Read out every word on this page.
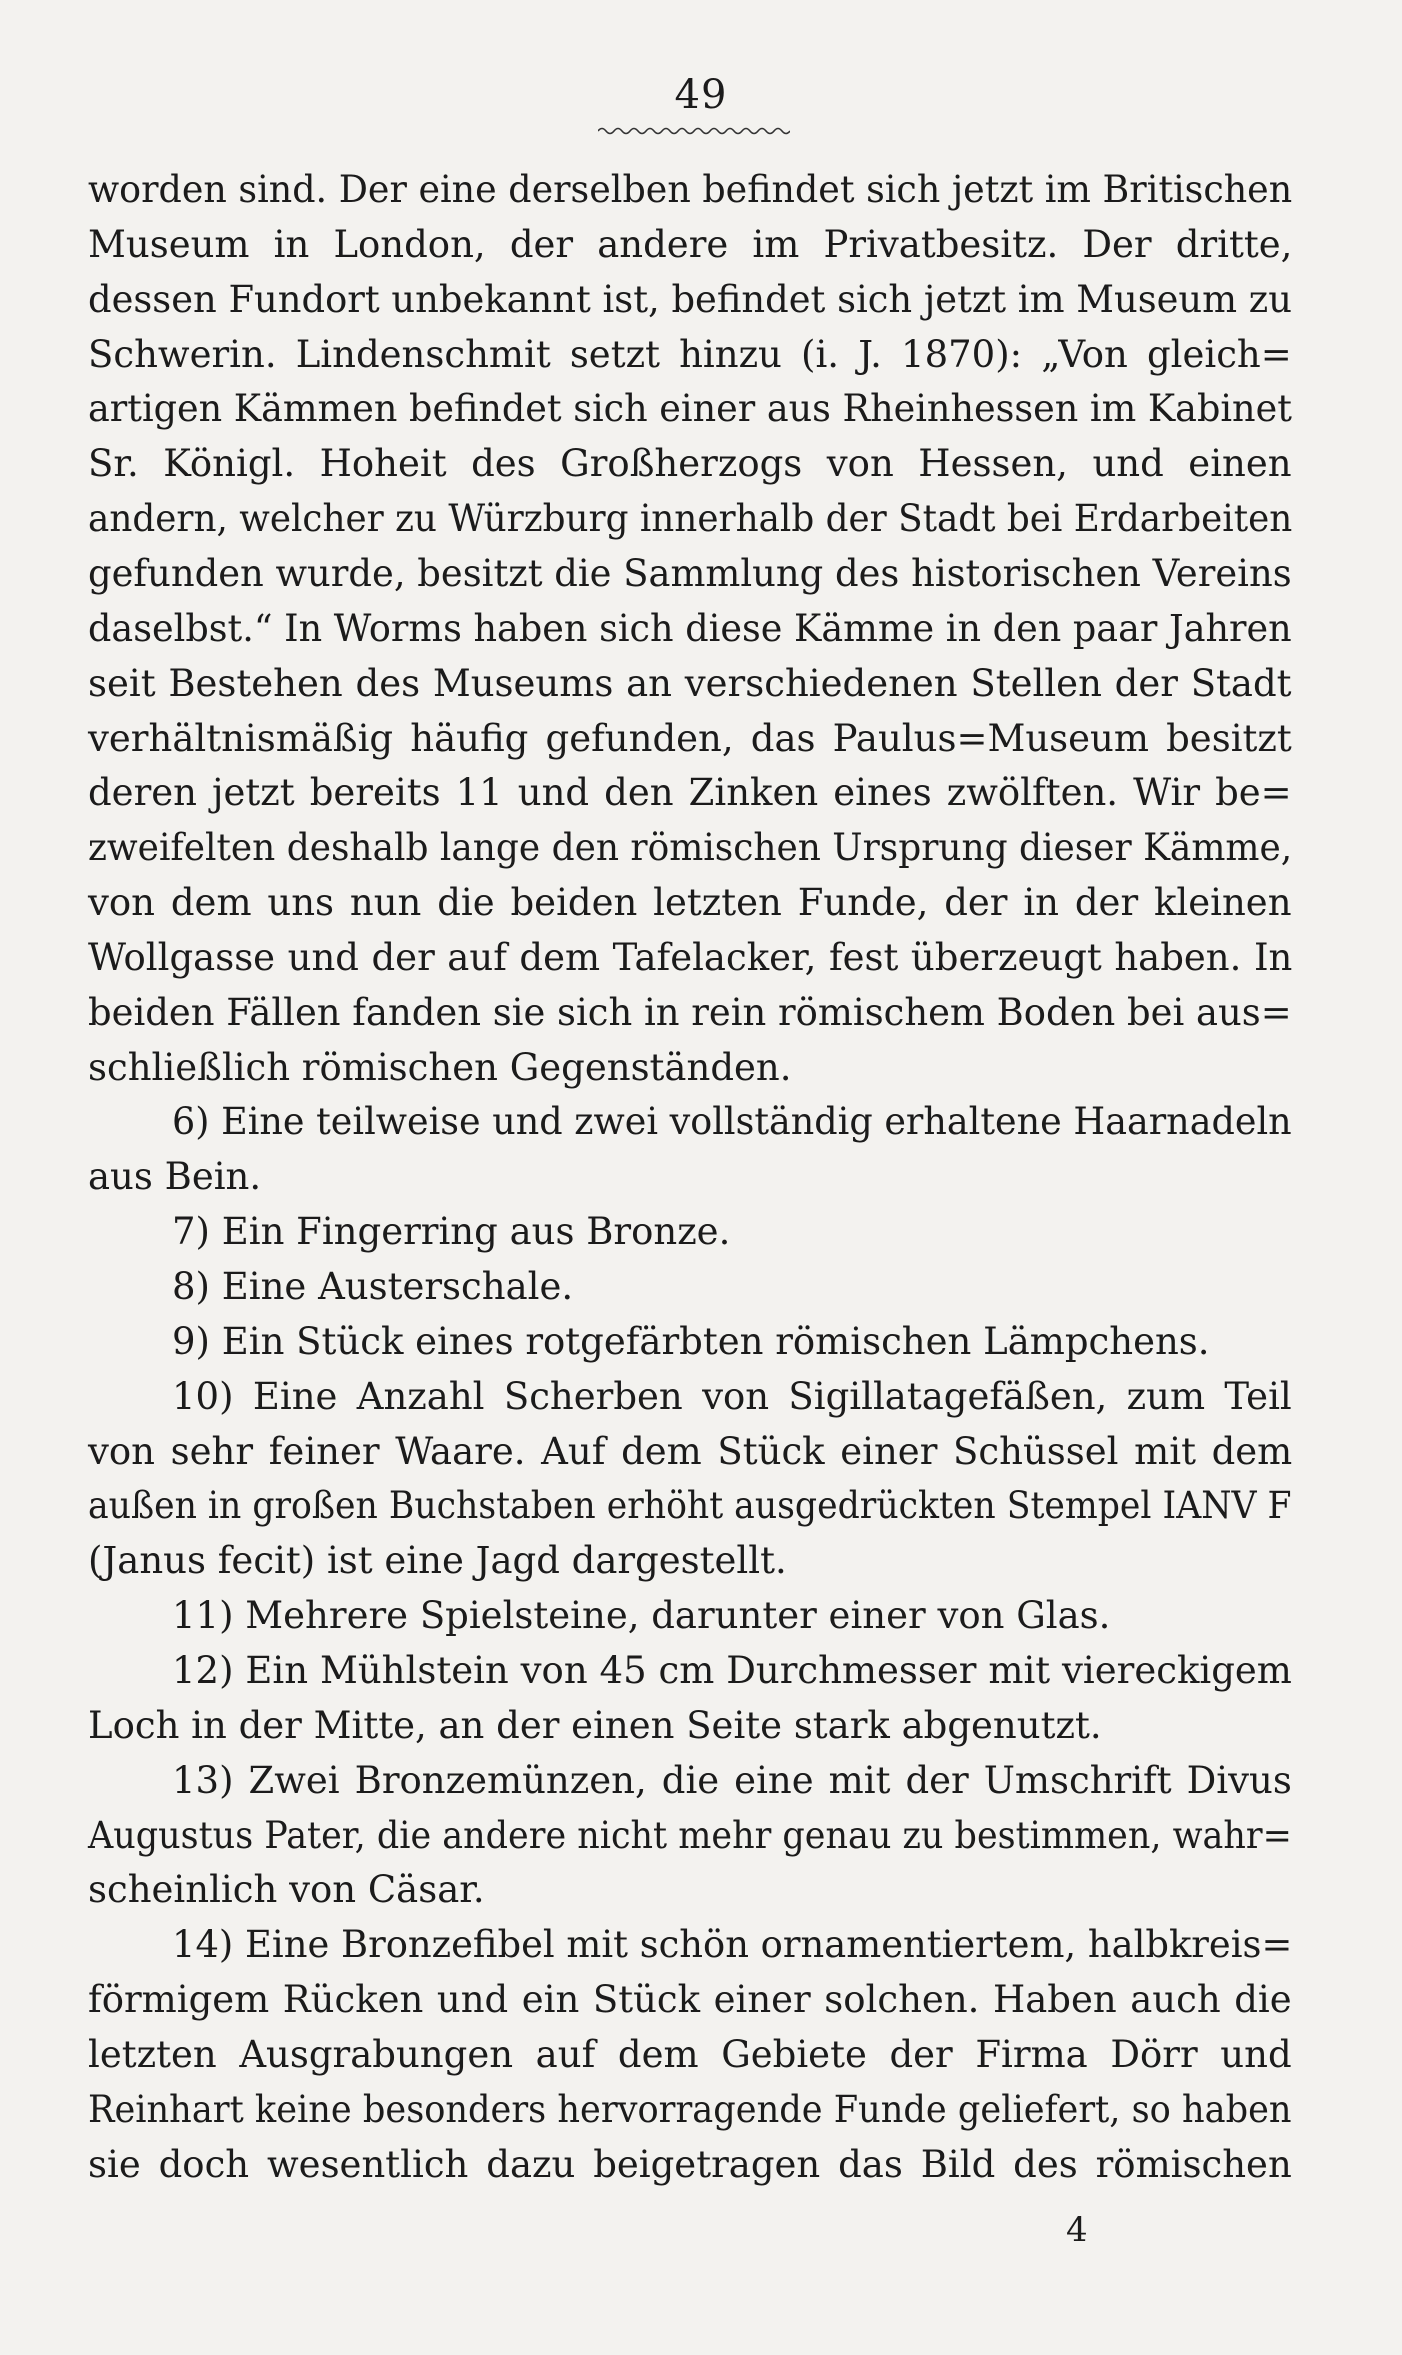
49
worden sind. Der eine derselben befindet sich jetzt im Britischen
Museum in London, der andere im Privatbesitz. Der dritte,
dessen Fundort unbekannt ist, befindet sich jetzt im Museum zu
Schwerin. Lindenschmit setzt hinzu (i. J. 1870): „Von gleich=
artigen Kämmen befindet sich einer aus Rheinhessen im Kabinet
Sr. Königl. Hoheit des Großherzogs von Hessen, und einen
andern, welcher zu Würzburg innerhalb der Stadt bei Erdarbeiten
gefunden wurde, besitzt die Sammlung des historischen Vereins
daselbst.“ In Worms haben sich diese Kämme in den paar Jahren
seit Bestehen des Museums an verschiedenen Stellen der Stadt
verhältnismäßig häufig gefunden, das Paulus=Museum besitzt
deren jetzt bereits 11 und den Zinken eines zwölften. Wir be=
zweifelten deshalb lange den römischen Ursprung dieser Kämme,
von dem uns nun die beiden letzten Funde, der in der kleinen
Wollgasse und der auf dem Tafelacker, fest überzeugt haben. In
beiden Fällen fanden sie sich in rein römischem Boden bei aus=
schließlich römischen Gegenständen.
6) Eine teilweise und zwei vollständig erhaltene Haarnadeln
aus Bein.
7) Ein Fingerring aus Bronze.
8) Eine Austerschale.
9) Ein Stück eines rotgefärbten römischen Lämpchens.
10) Eine Anzahl Scherben von Sigillatagefäßen, zum Teil
von sehr feiner Waare. Auf dem Stück einer Schüssel mit dem
außen in großen Buchstaben erhöht ausgedrückten Stempel IANV F
(Janus fecit) ist eine Jagd dargestellt.
11) Mehrere Spielsteine, darunter einer von Glas.
12) Ein Mühlstein von 45 cm Durchmesser mit viereckigem
Loch in der Mitte, an der einen Seite stark abgenutzt.
13) Zwei Bronzemünzen, die eine mit der Umschrift Divus
Augustus Pater, die andere nicht mehr genau zu bestimmen, wahr=
scheinlich von Cäsar.
14) Eine Bronzefibel mit schön ornamentiertem, halbkreis=
förmigem Rücken und ein Stück einer solchen. Haben auch die
letzten Ausgrabungen auf dem Gebiete der Firma Dörr und
Reinhart keine besonders hervorragende Funde geliefert, so haben
sie doch wesentlich dazu beigetragen das Bild des römischen
4
